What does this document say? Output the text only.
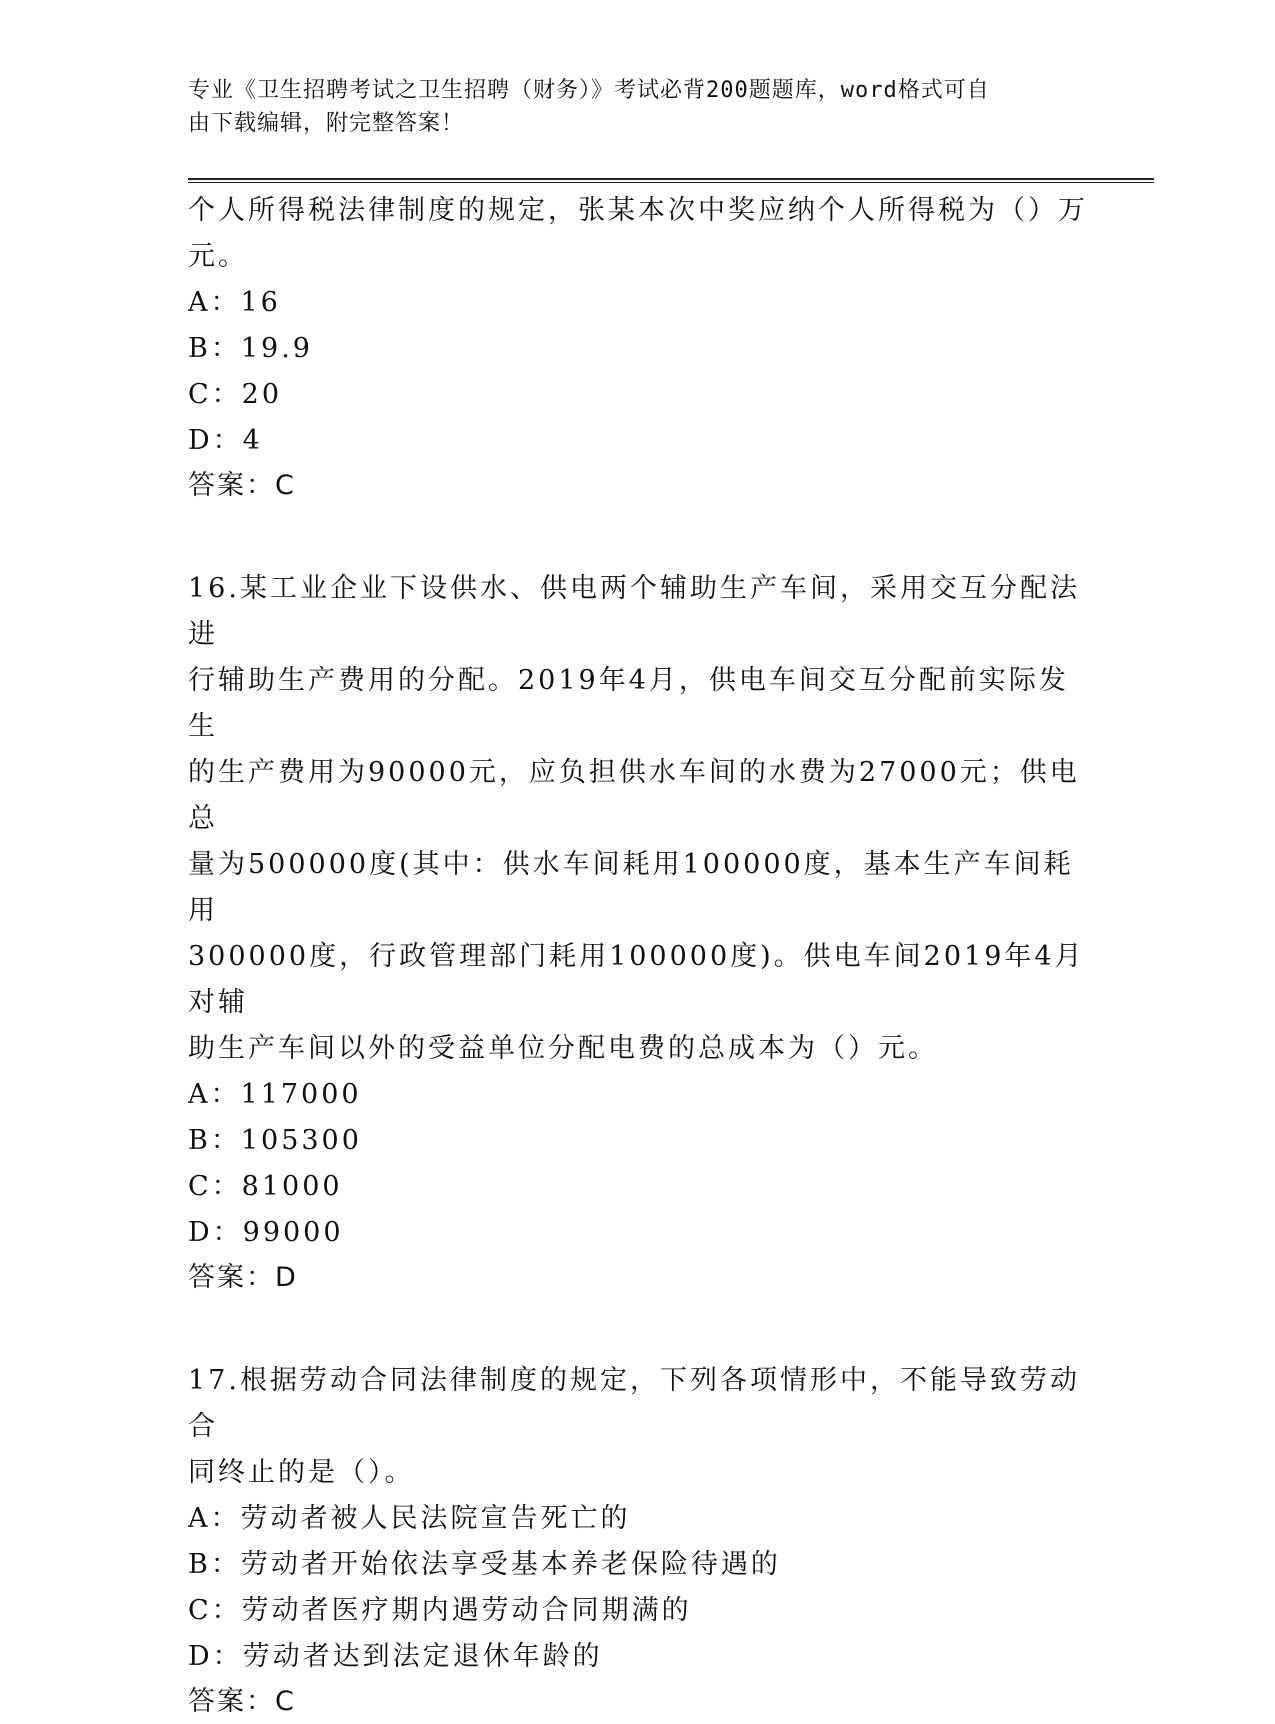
专业《卫生招聘考试之卫生招聘（财务）》考试必背200题题库，word格式可自
由下载编辑，附完整答案！

个人所得税法律制度的规定，张某本次中奖应纳个人所得税为（）万

元。

A：16

B：19.9

C：20

D：4

答案：C

16.某工业企业下设供水、供电两个辅助生产车间，采用交互分配法进

行辅助生产费用的分配。2019年4月，供电车间交互分配前实际发生

的生产费用为90000元，应负担供水车间的水费为27000元；供电总

量为500000度(其中：供水车间耗用100000度，基本生产车间耗用

300000度，行政管理部门耗用100000度)。供电车间2019年4月对辅

助生产车间以外的受益单位分配电费的总成本为（）元。

A：117000

B：105300

C：81000

D：99000

答案：D

17.根据劳动合同法律制度的规定，下列各项情形中，不能导致劳动合

同终止的是（）。

A：劳动者被人民法院宣告死亡的

B：劳动者开始依法享受基本养老保险待遇的

C：劳动者医疗期内遇劳动合同期满的

D：劳动者达到法定退休年龄的

答案：C
